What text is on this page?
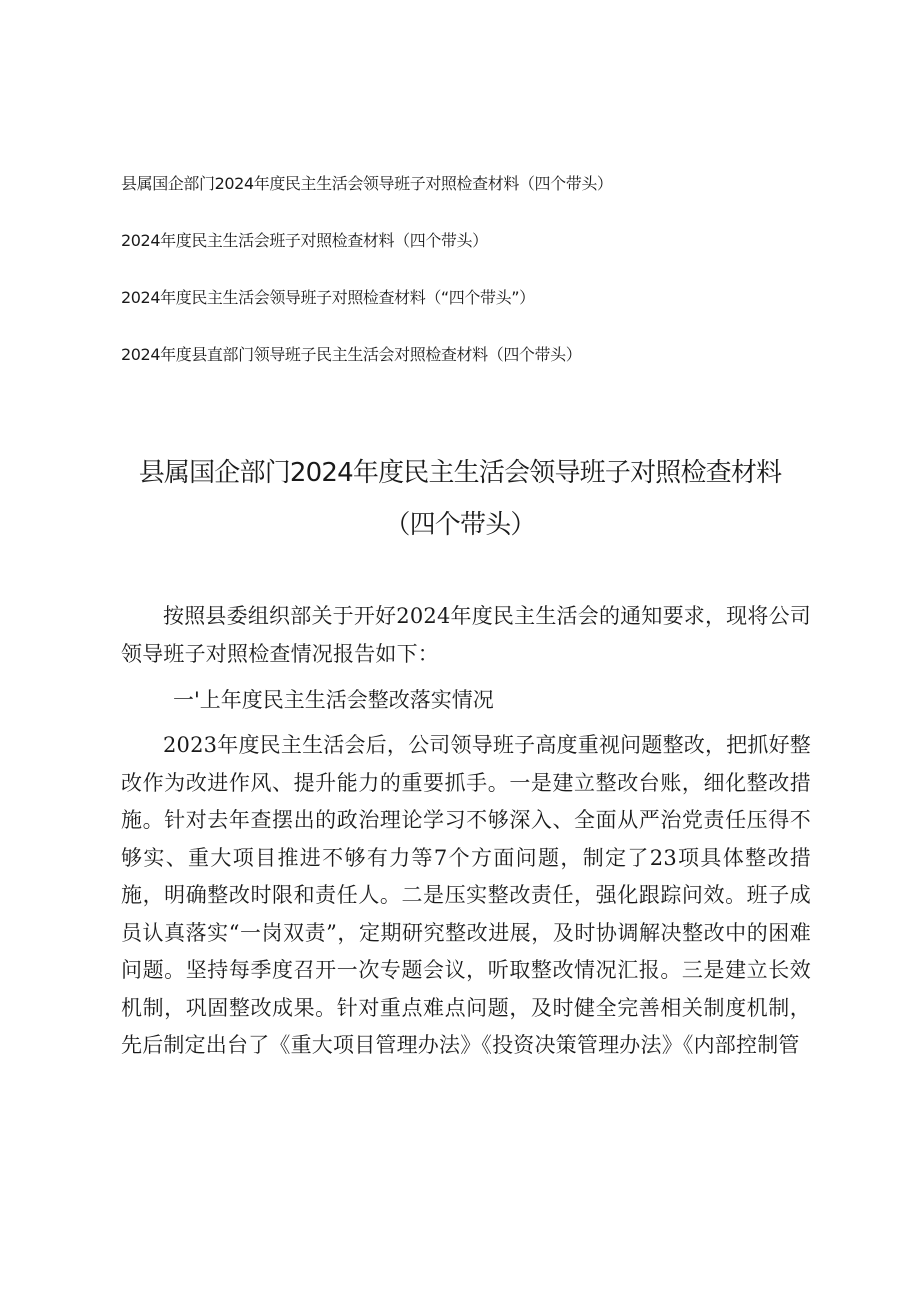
县属国企部门2024年度民主生活会领导班子对照检查材料（四个带头）
2024年度民主生活会班子对照检查材料（四个带头）
2024年度民主生活会领导班子对照检查材料（“四个带头”）
2024年度县直部门领导班子民主生活会对照检查材料（四个带头）
县属国企部门2024年度民主生活会领导班子对照检查材料
（四个带头）
按照县委组织部关于开好2024年度民主生活会的通知要求，现将公司领导班子对照检查情况报告如下：
一'上年度民主生活会整改落实情况
2023年度民主生活会后，公司领导班子高度重视问题整改，把抓好整改作为改进作风、提升能力的重要抓手。一是建立整改台账，细化整改措施。针对去年查摆出的政治理论学习不够深入、全面从严治党责任压得不够实、重大项目推进不够有力等7个方面问题，制定了23项具体整改措施，明确整改时限和责任人。二是压实整改责任，强化跟踪问效。班子成员认真落实“一岗双责”，定期研究整改进展，及时协调解决整改中的困难问题。坚持每季度召开一次专题会议，听取整改情况汇报。三是建立长效机制，巩固整改成果。针对重点难点问题，及时健全完善相关制度机制，先后制定出台了《重大项目管理办法》《投资决策管理办法》《内部控制管
